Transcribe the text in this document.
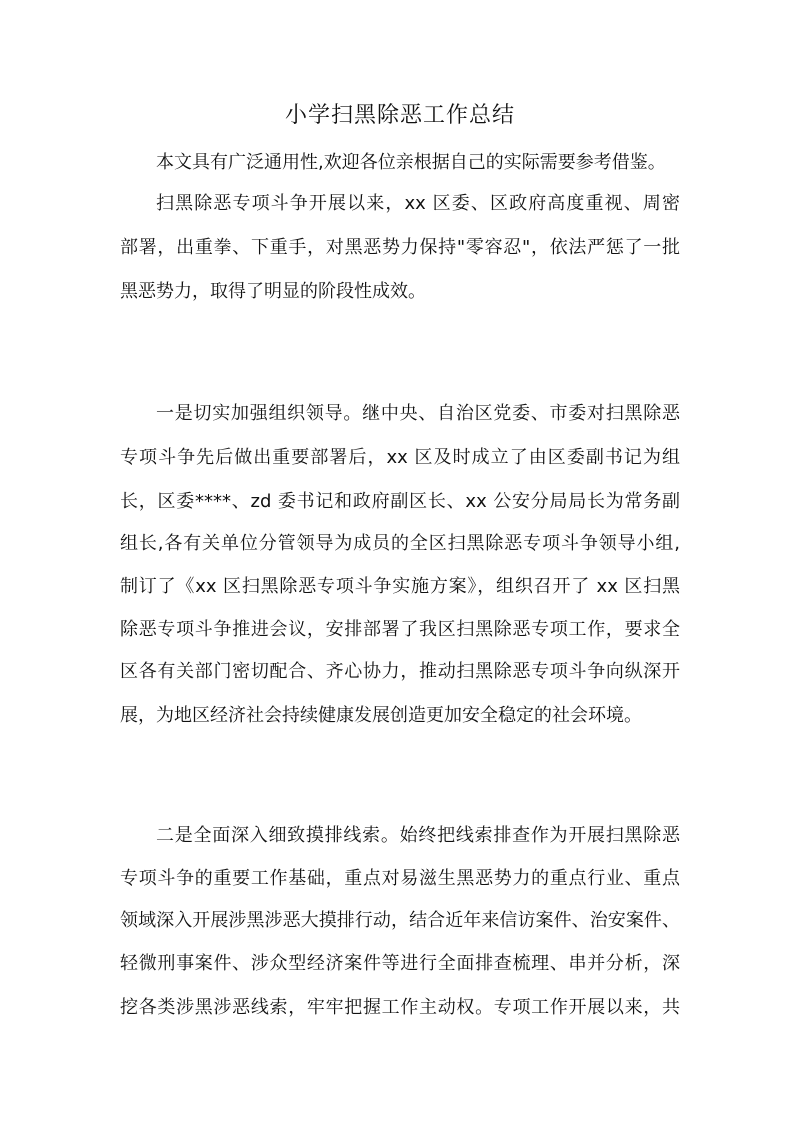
小学扫黑除恶工作总结

本文具有广泛通用性,欢迎各位亲根据自己的实际需要参考借鉴。

扫黑除恶专项斗争开展以来，xx 区委、区政府高度重视、周密

部署，出重拳、下重手，对黑恶势力保持"零容忍"，依法严惩了一批

黑恶势力，取得了明显的阶段性成效。

一是切实加强组织领导。继中央、自治区党委、市委对扫黑除恶

专项斗争先后做出重要部署后，xx 区及时成立了由区委副书记为组

长，区委****、zd 委书记和政府副区长、xx 公安分局局长为常务副

组长,各有关单位分管领导为成员的全区扫黑除恶专项斗争领导小组,

制订了《xx 区扫黑除恶专项斗争实施方案》，组织召开了 xx 区扫黑

除恶专项斗争推进会议，安排部署了我区扫黑除恶专项工作，要求全

区各有关部门密切配合、齐心协力，推动扫黑除恶专项斗争向纵深开

展，为地区经济社会持续健康发展创造更加安全稳定的社会环境。

二是全面深入细致摸排线索。始终把线索排查作为开展扫黑除恶

专项斗争的重要工作基础，重点对易滋生黑恶势力的重点行业、重点

领域深入开展涉黑涉恶大摸排行动，结合近年来信访案件、治安案件、

轻微刑事案件、涉众型经济案件等进行全面排查梳理、串并分析，深

挖各类涉黑涉恶线索，牢牢把握工作主动权。专项工作开展以来，共
